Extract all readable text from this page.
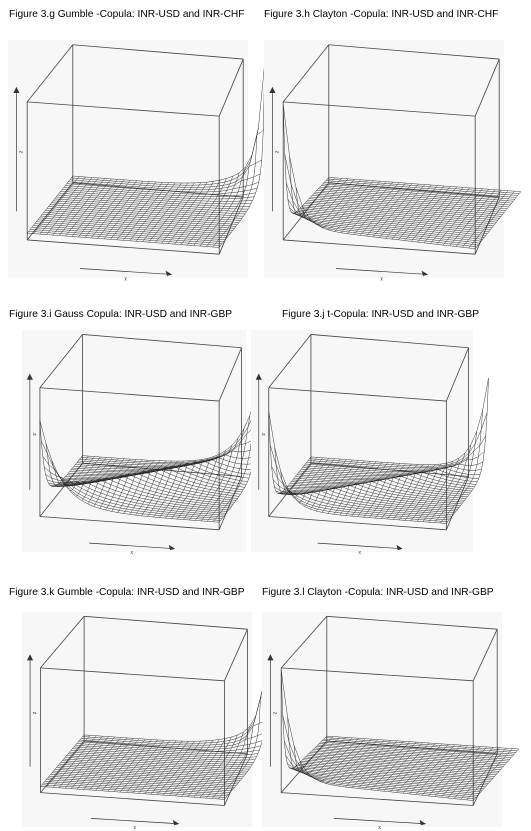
Figure 3.g Gumble -Copula: INR-USD and INR-CHF Figure 3.h Clayton -Copula: INR-USD and INR-CHF
x
z
x
z
Figure 3.i Gauss Copula: INR-USD and INR-GBP	Figure 3.j t-Copula: INR-USD and INR-GBP
x
z
x
z
Figure 3.k Gumble -Copula: INR-USD and INR-GBP Figure 3.l Clayton -Copula: INR-USD and INR-GBP
x
z
x
z
